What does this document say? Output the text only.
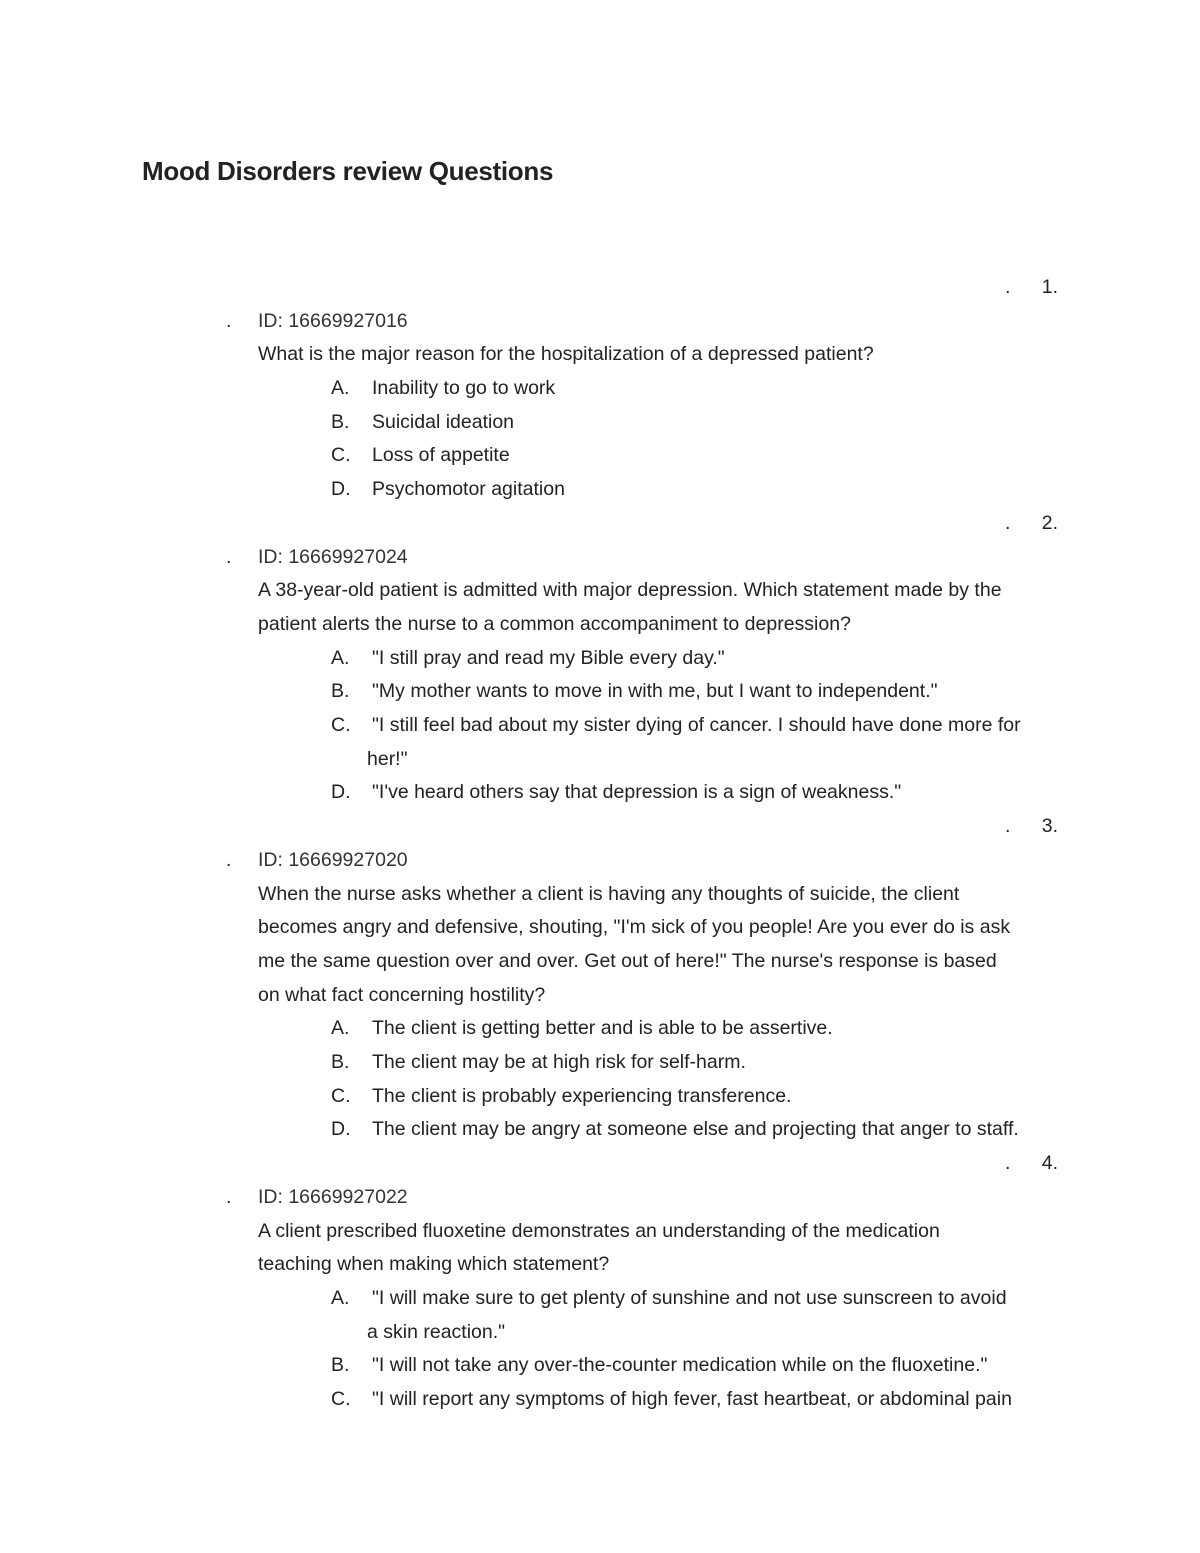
Mood Disorders review Questions
. 1.
. ID: 16669927016

What is the major reason for the hospitalization of a depressed patient?

A. Inability to go to work
B. Suicidal ideation
C. Loss of appetite
D. Psychomotor agitation
. 2.
. ID: 16669927024

A 38-year-old patient is admitted with major depression. Which statement made by the
patient alerts the nurse to a common accompaniment to depression?

A. "I still pray and read my Bible every day."
B. "My mother wants to move in with me, but I want to independent."
C. "I still feel bad about my sister dying of cancer. I should have done more for
her!"
D. "I've heard others say that depression is a sign of weakness."
. 3.
. ID: 16669927020

When the nurse asks whether a client is having any thoughts of suicide, the client
becomes angry and defensive, shouting, "I'm sick of you people! Are you ever do is ask
me the same question over and over. Get out of here!" The nurse's response is based
on what fact concerning hostility?

A. The client is getting better and is able to be assertive.
B. The client may be at high risk for self-harm.
C. The client is probably experiencing transference.
D. The client may be angry at someone else and projecting that anger to staff.
. 4.
. ID: 16669927022

A client prescribed fluoxetine demonstrates an understanding of the medication
teaching when making which statement?

A. "I will make sure to get plenty of sunshine and not use sunscreen to avoid
a skin reaction."
B. "I will not take any over-the-counter medication while on the fluoxetine."
C. "I will report any symptoms of high fever, fast heartbeat, or abdominal pain
